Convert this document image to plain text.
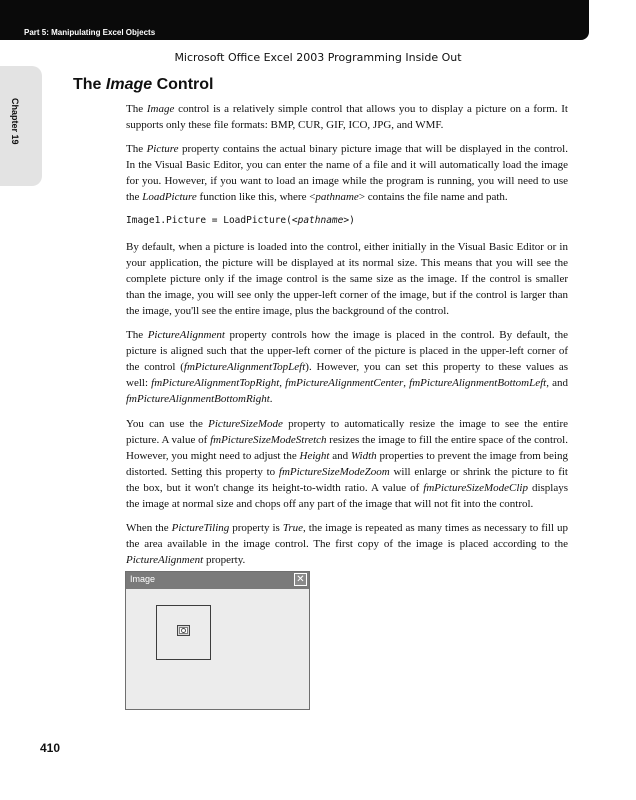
Part 5: Manipulating Excel Objects
Microsoft Office Excel 2003 Programming Inside Out
Chapter 19
The Image Control

The Image control is a relatively simple control that allows you to display a picture on a form. It supports only these file formats: BMP, CUR, GIF, ICO, JPG, and WMF.

The Picture property contains the actual binary picture image that will be displayed in the control. In the Visual Basic Editor, you can enter the name of a file and it will automatically load the image for you. However, if you want to load an image while the program is running, you will need to use the LoadPicture function like this, where <pathname> contains the file name and path.

Image1.Picture = LoadPicture(<pathname>)

By default, when a picture is loaded into the control, either initially in the Visual Basic Editor or in your application, the picture will be displayed at its normal size. This means that you will see the complete picture only if the image control is the same size as the image. If the control is smaller than the image, you will see only the upper-left corner of the image, but if the control is larger than the image, you'll see the entire image, plus the background of the control.

The PictureAlignment property controls how the image is placed in the control. By default, the picture is aligned such that the upper-left corner of the picture is placed in the upper-left corner of the control (fmPictureAlignmentTopLeft). However, you can set this property to these values as well: fmPictureAlignmentTopRight, fmPictureAlignmentCenter, fmPictureAlignmentBottomLeft, and fmPictureAlignmentBottomRight.

You can use the PictureSizeMode property to automatically resize the image to see the entire picture. A value of fmPictureSizeModeStretch resizes the image to fill the entire space of the control. However, you might need to adjust the Height and Width properties to prevent the image from being distorted. Setting this property to fmPictureSizeModeZoom will enlarge or shrink the picture to fit the box, but it won't change its height-to-width ratio. A value of fmPictureSizeModeClip displays the image at normal size and chops off any part of the image that will not fit into the control.

When the PictureTiling property is True, the image is repeated as many times as necessary to fill up the area available in the image control. The first copy of the image is placed according to the PictureAlignment property.

Image	✕
410
